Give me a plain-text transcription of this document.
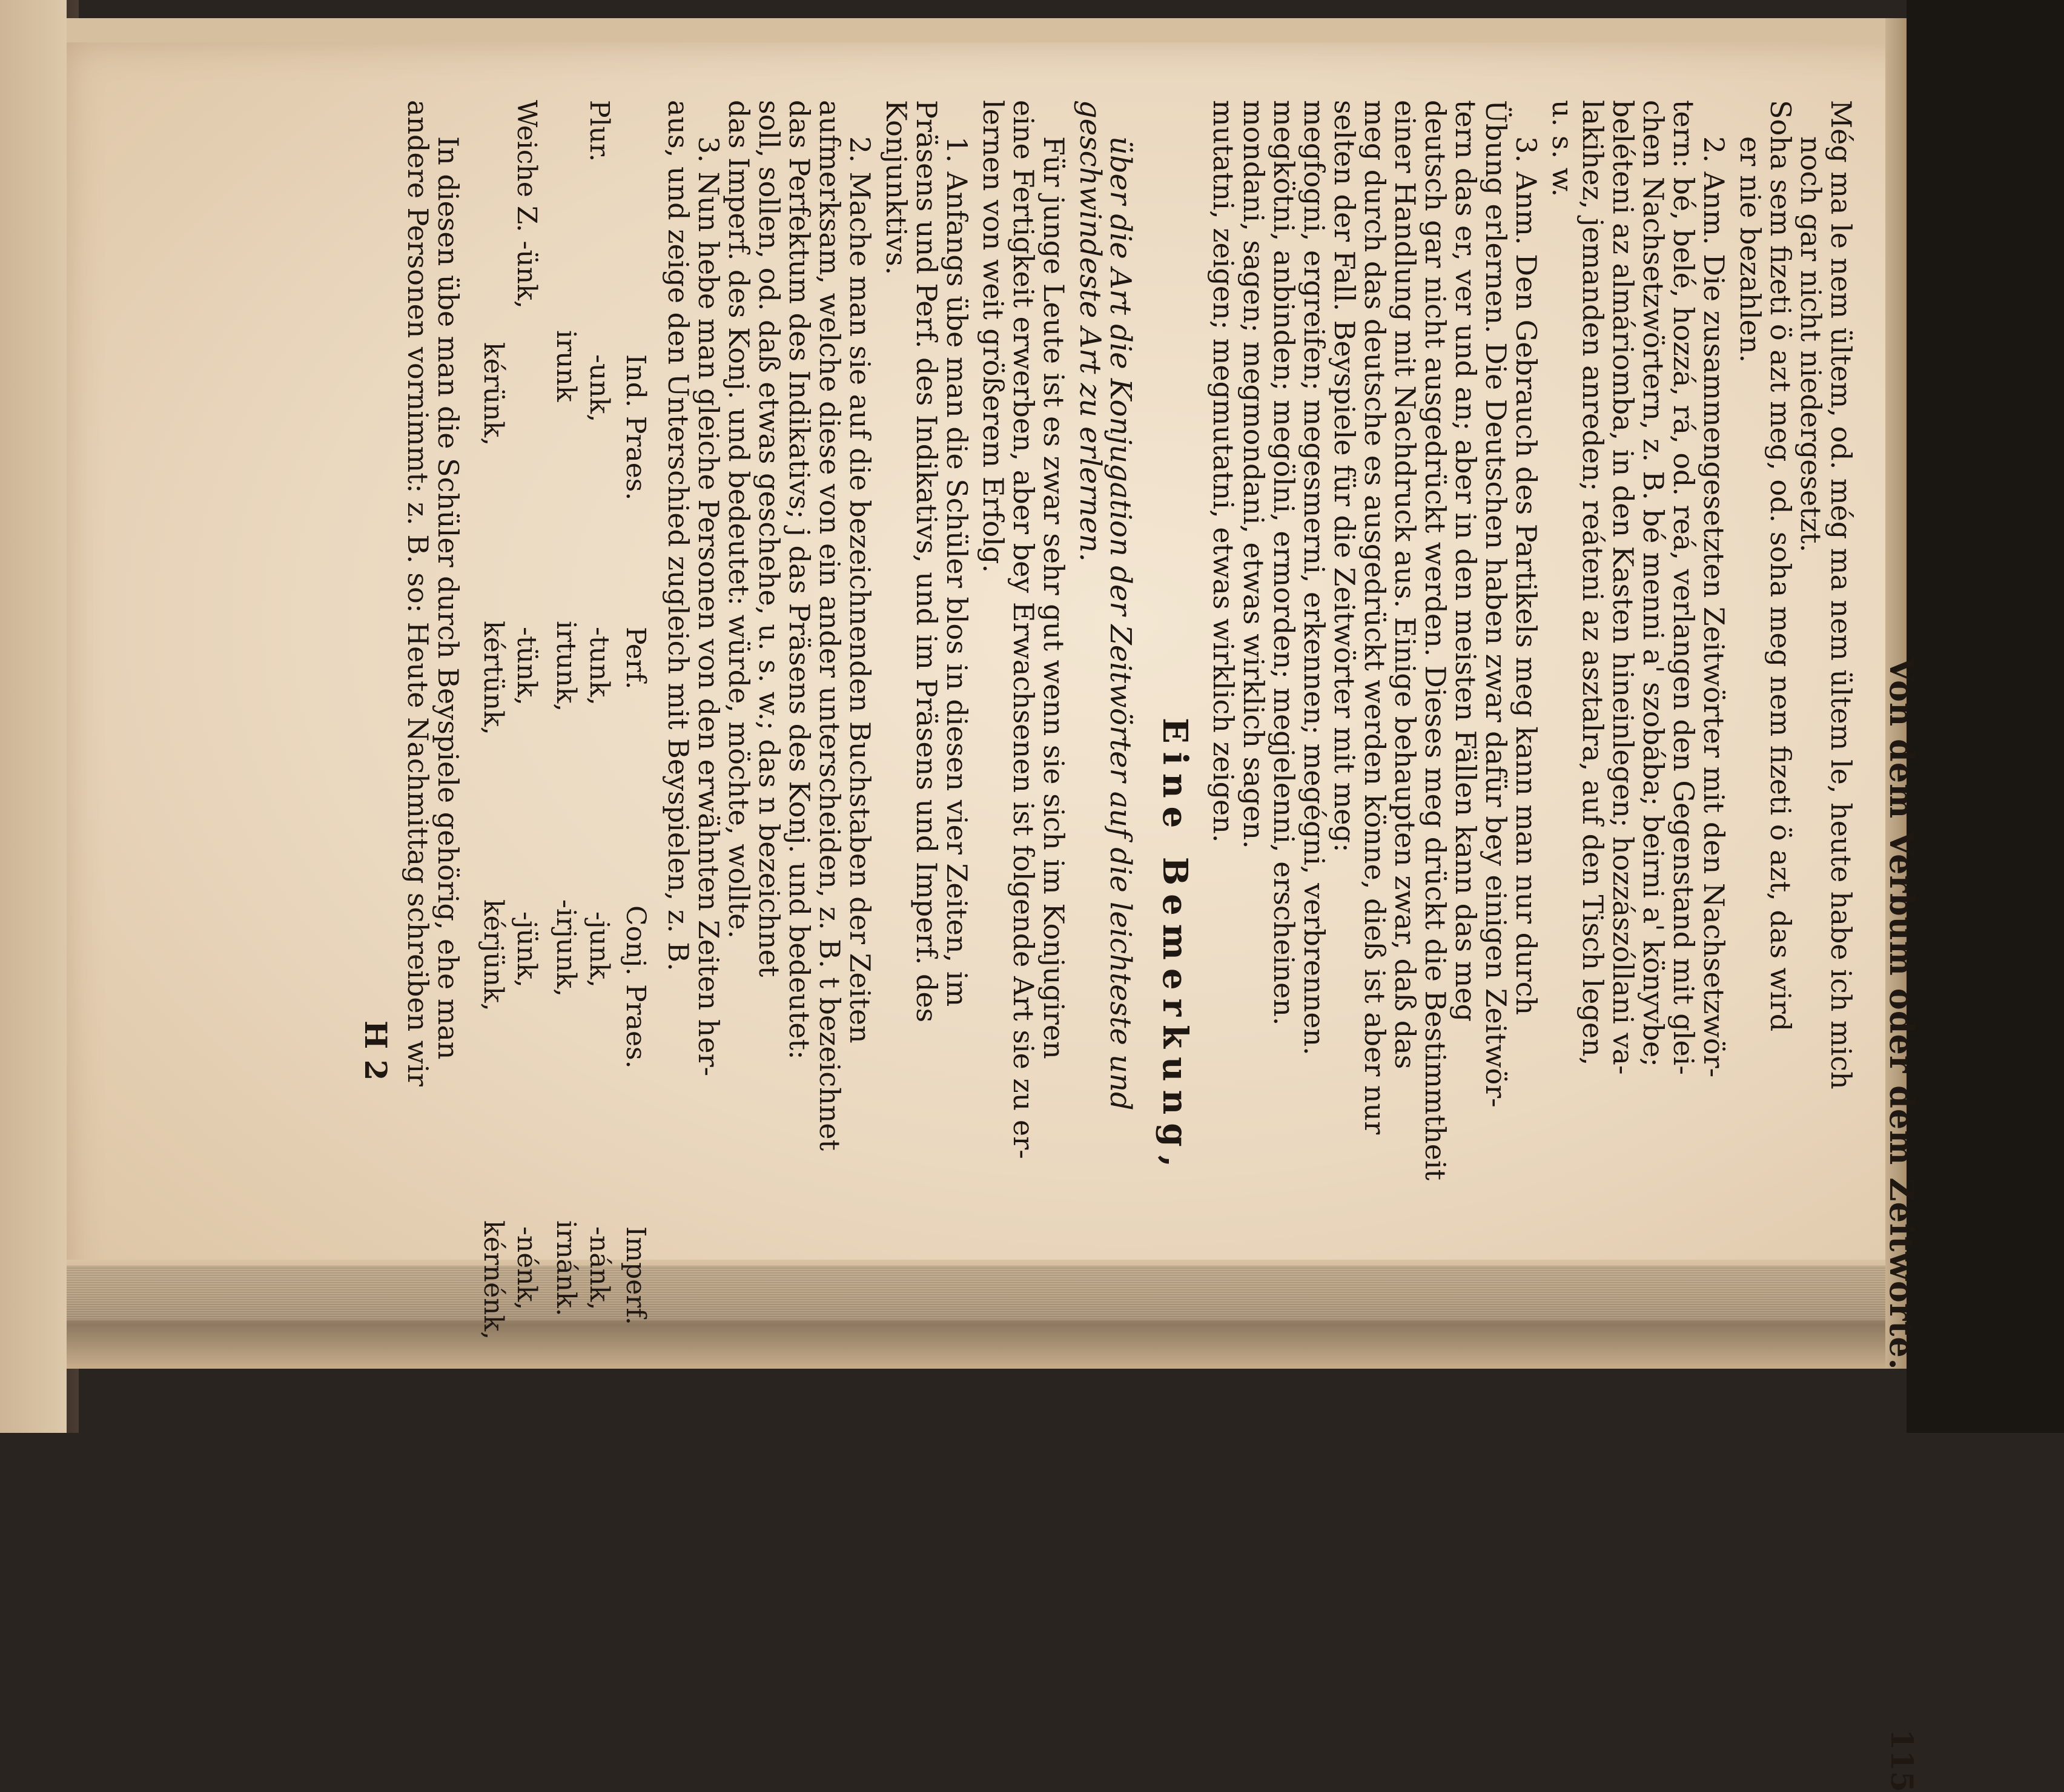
Von dem Verbum oder dem Zeitworte.
115
Még ma le nem ültem, od. még ma nem ültem le, heute habe ich mich
noch gar nicht niedergesetzt.
Soha sem fizeti ö azt meg, od. soha meg nem fizeti ö azt, das wird
er nie bezahlen.
2. Anm. Die zusammengesetzten Zeitwörter mit den Nachsetzwör-
tern: bé, belé, hozzá, rá, od. reá, verlangen den Gegenstand mit glei-
chen Nachsetzwörtern, z. B. bé menni a' szobába; beirni a' könyvbe;
beléteni az almáriomba, in den Kasten hineinlegen; hozzászóllani va-
lakihez, jemanden anreden; reáteni az asztalra, auf den Tisch legen,
u. s. w.
3. Anm. Den Gebrauch des Partikels meg kann man nur durch
Übung erlernen. Die Deutschen haben zwar dafür bey einigen Zeitwör-
tern das er, ver und an; aber in den meisten Fällen kann das meg
deutsch gar nicht ausgedrückt werden. Dieses meg drückt die Bestimmtheit
einer Handlung mit Nachdruck aus. Einige behaupten zwar, daß das
meg durch das deutsche es ausgedrückt werden könne, dieß ist aber nur
selten der Fall. Beyspiele für die Zeitwörter mit meg:
megfogni, ergreifen; megesmerni, erkennen; megégni, verbrennen.
megkötni, anbinden; megölni, ermorden; megjelenni, erscheinen.
mondani, sagen; megmondani, etwas wirklich sagen.
mutatni, zeigen; megmutatni, etwas wirklich zeigen.
Eine Bemerkung,
über die Art die Konjugation der Zeitwörter auf die leichteste und
geschwindeste Art zu erlernen.
Für junge Leute ist es zwar sehr gut wenn sie sich im Konjugiren
eine Fertigkeit erwerben, aber bey Erwachsenen ist folgende Art sie zu er-
lernen von weit größerem Erfolg.
1. Anfangs übe man die Schüler blos in diesen vier Zeiten, im
Präsens und Perf. des Indikativs, und im Präsens und Imperf. des
Konjunktivs.
2. Mache man sie auf die bezeichnenden Buchstaben der Zeiten
aufmerksam, welche diese von ein ander unterscheiden, z. B. t bezeichnet
das Perfektum des Indikativs; j das Präsens des Konj. und bedeutet:
soll, sollen, od. daß etwas geschehe, u. s. w.; das n bezeichnet
das Imperf. des Konj. und bedeutet: würde, möchte, wollte.
3. Nun hebe man gleiche Personen von den erwähnten Zeiten her-
aus, und zeige den Unterschied zugleich mit Beyspielen, z. B.
Ind. Praes.
Perf.
Conj. Praes.
Imperf.
Plur.
-unk,
-tunk,
-junk,
-nánk,
irunk
irtunk,
-irjunk,
irnánk.
Weiche Z. -ünk,
-tünk,
-jünk,
-nénk,
kérünk,
kértünk,
kérjünk,
kérnénk,
In diesen übe man die Schüler durch Beyspiele gehörig, ehe man
andere Personen vornimmt: z. B. so: Heute Nachmittag schreiben wir
H 2
